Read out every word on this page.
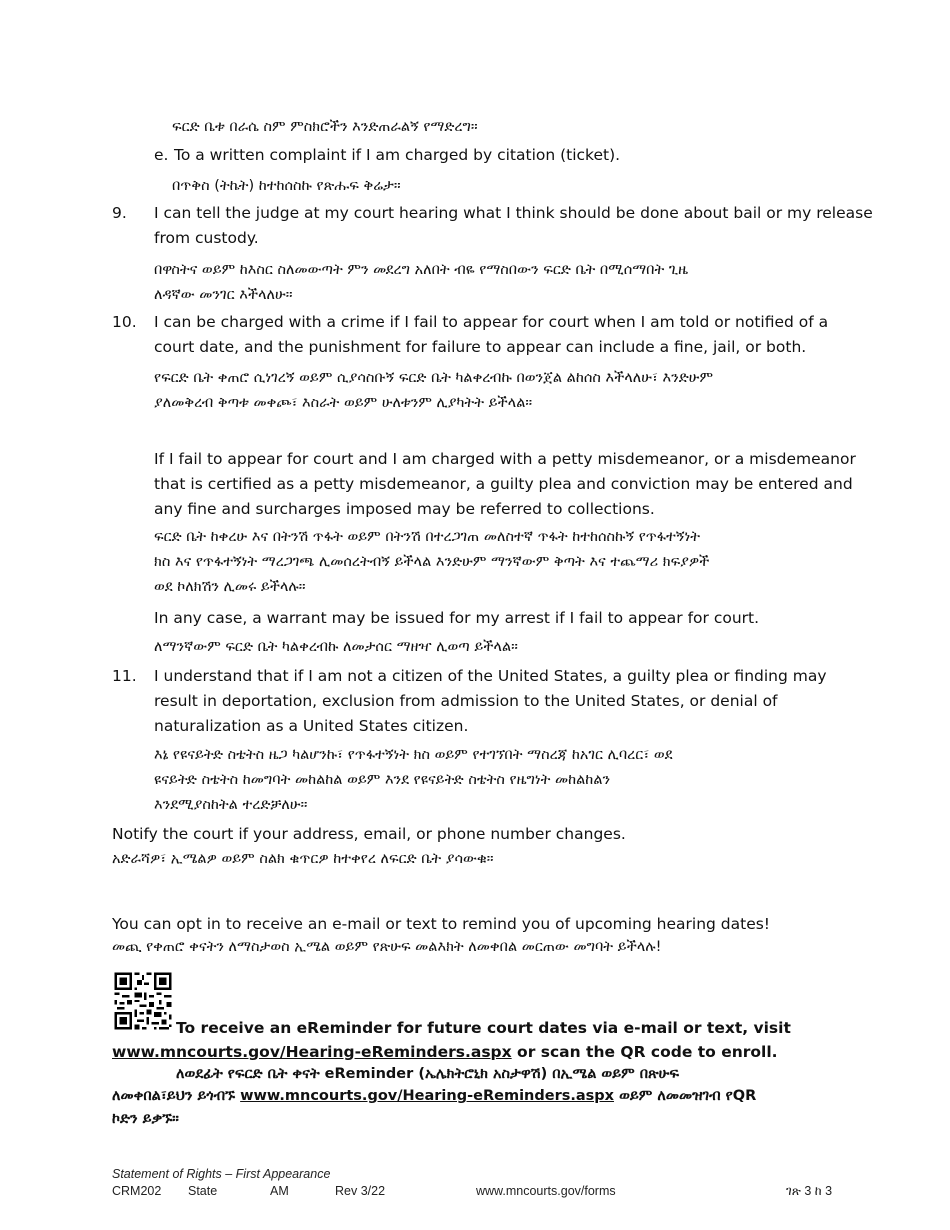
ፍርድ ቤቱ በራሴ ስም ምስክሮችን እንድጠራልኝ የማድረግ።
e. To a written complaint if I am charged by citation (ticket).
በጥቅስ (ትኬት) ከተከሰስኩ የጽሑፍ ቅሬታ።
9. I can tell the judge at my court hearing what I think should be done about bail or my release
from custody.
በዋስትና ወይም ከእስር ስለመውጣት ምን መደረግ አለበት ብዬ የማስበውን ፍርድ ቤት በሚሰማበት ጊዜ
ለዳኛው መንገር እችላለሁ።
10. I can be charged with a crime if I fail to appear for court when I am told or notified of a
court date, and the punishment for failure to appear can include a fine, jail, or both.
የፍርድ ቤት ቀጠሮ ሲነገረኝ ወይም ሲያሳስቡኝ ፍርድ ቤት ካልቀረብኩ በወንጀል ልከሰስ እችላለሁ፣ እንድሁም
ያለመቅረብ ቅጣቱ መቀጮ፣ እስራት ወይም ሁለቱንም ሊያካትት ይችላል።
If I fail to appear for court and I am charged with a petty misdemeanor, or a misdemeanor
that is certified as a petty misdemeanor, a guilty plea and conviction may be entered and
any fine and surcharges imposed may be referred to collections.
ፍርድ ቤት ከቀረሁ እና በትንሽ ጥፋት ወይም በትንሽ በተረጋገጠ መለስተኛ ጥፋት ከተከሰስኩኝ የጥፋተኝነት
ክስ እና የጥፋተኝነት ማረጋገጫ ሊመሰረትብኝ ይችላል እንድሁም ማንኛውም ቅጣት እና ተጨማሪ ክፍያዎች
ወደ ኮለክሽን ሊመሩ ይችላሉ።
In any case, a warrant may be issued for my arrest if I fail to appear for court.
ለማንኛውም ፍርድ ቤት ካልቀረብኩ ለመታሰር ማዘዣ ሊወጣ ይችላል።
11. I understand that if I am not a citizen of the United States, a guilty plea or finding may
result in deportation, exclusion from admission to the United States, or denial of
naturalization as a United States citizen.
እኔ የዩናይትድ ስቴትስ ዜጋ ካልሆንኩ፣ የጥፋተኝነት ክስ ወይም የተገኘበት ማስረጃ ከአገር ሊባረር፣ ወደ
ዩናይትድ ስቴትስ ከመግባት መከልከል ወይም እንደ የዩናይትድ ስቴትስ የዜግነት መከልከልን
እንደሚያስከትል ተረድቻለሁ።
Notify the court if your address, email, or phone number changes.
አድራሻዎ፣ ኢሜልዎ ወይም ስልክ ቁጥርዎ ከተቀየረ ለፍርድ ቤት ያሳውቁ።
You can opt in to receive an e-mail or text to remind you of upcoming hearing dates!
መጪ የቀጠሮ ቀናትን ለማስታወስ ኢሜል ወይም የጽሁፍ መልእክት ለመቀበል መርጠው መግባት ይችላሉ!
To receive an eReminder for future court dates via e-mail or text, visit
www.mncourts.gov/Hearing-eReminders.aspx or scan the QR code to enroll.
ለወደፊት የፍርድ ቤት ቀናት eReminder (ኤሌክትሮኒክ አስታዋሽ) በኢሜል ወይም በጽሁፍ
ለመቀበል፣ይህን ይጎብኙ www.mncourts.gov/Hearing-eReminders.aspx ወይም ለመመዝገብ የQR
ኮድን ይቃኙ።
Statement of Rights – First Appearance
CRM202 State	AM	Rev 3/22	www.mncourts.gov/forms	ገጽ 3 ከ 3
